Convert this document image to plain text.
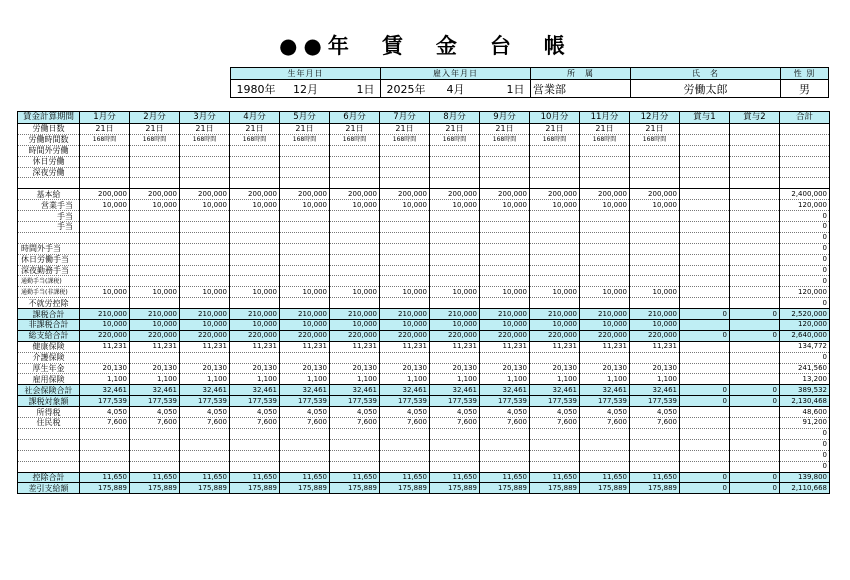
●●年　賃　金　台　帳
生年月日	雇入年月日	所　属	氏　名	性 別
1980年 12月 1日	2025年 4月 1日	営業部	労働太郎	男
賃金計算期間	1月分	2月分	3月分	4月分	5月分	6月分	7月分	8月分	9月分	10月分	11月分	12月分	賞与1	賞与2	合計
労働日数	21日	21日	21日	21日	21日	21日	21日	21日	21日	21日	21日	21日			
労働時間数	168時間	168時間	168時間	168時間	168時間	168時間	168時間	168時間	168時間	168時間	168時間	168時間			
時間外労働															
休日労働															
深夜労働															

基本給	200,000	200,000	200,000	200,000	200,000	200,000	200,000	200,000	200,000	200,000	200,000	200,000			2,400,000
営業手当	10,000	10,000	10,000	10,000	10,000	10,000	10,000	10,000	10,000	10,000	10,000	10,000			120,000
手当															0
手当															0
															0
時間外手当															0
休日労働手当															0
深夜勤務手当															0
通勤手当(課税)															0
通勤手当(非課税)	10,000	10,000	10,000	10,000	10,000	10,000	10,000	10,000	10,000	10,000	10,000	10,000			120,000
不就労控除															0
課税合計	210,000	210,000	210,000	210,000	210,000	210,000	210,000	210,000	210,000	210,000	210,000	210,000	0	0	2,520,000
非課税合計	10,000	10,000	10,000	10,000	10,000	10,000	10,000	10,000	10,000	10,000	10,000	10,000			120,000
総支給合計	220,000	220,000	220,000	220,000	220,000	220,000	220,000	220,000	220,000	220,000	220,000	220,000	0	0	2,640,000
健康保険	11,231	11,231	11,231	11,231	11,231	11,231	11,231	11,231	11,231	11,231	11,231	11,231			134,772
介護保険															0
厚生年金	20,130	20,130	20,130	20,130	20,130	20,130	20,130	20,130	20,130	20,130	20,130	20,130			241,560
雇用保険	1,100	1,100	1,100	1,100	1,100	1,100	1,100	1,100	1,100	1,100	1,100	1,100			13,200
社会保険合計	32,461	32,461	32,461	32,461	32,461	32,461	32,461	32,461	32,461	32,461	32,461	32,461	0	0	389,532
課税対象額	177,539	177,539	177,539	177,539	177,539	177,539	177,539	177,539	177,539	177,539	177,539	177,539	0	0	2,130,468
所得税	4,050	4,050	4,050	4,050	4,050	4,050	4,050	4,050	4,050	4,050	4,050	4,050			48,600
住民税	7,600	7,600	7,600	7,600	7,600	7,600	7,600	7,600	7,600	7,600	7,600	7,600			91,200
															0
															0
															0
															0
控除合計	11,650	11,650	11,650	11,650	11,650	11,650	11,650	11,650	11,650	11,650	11,650	11,650	0	0	139,800
差引支給額	175,889	175,889	175,889	175,889	175,889	175,889	175,889	175,889	175,889	175,889	175,889	175,889	0	0	2,110,668
